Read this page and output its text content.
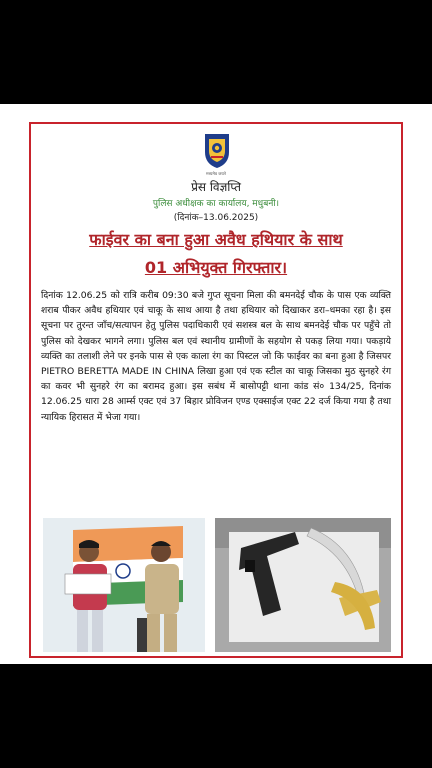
मध्यमेव जयते
प्रेस विज्ञप्ति
पुलिस अधीक्षक का कार्यालय, मधुबनी।
(दिनांक–13.06.2025)
फाईवर का बना हुआ अवैध हथियार के साथ
01 अभियुक्त गिरफ्तार।
दिनांक 12.06.25 को रात्रि करीब 09:30 बजे गुप्त सूचना मिला की बमनदेई चौक के पास एक व्यक्ति शराब पीकर अवैध हथियार एवं चाकू के साथ आया है तथा हथियार को दिखाकर डरा–धमका रहा है। इस सूचना पर तुरन्त जाँच/सत्यापन हेतु पुलिस पदाधिकारी एवं सशस्त्र बल के साथ बमनदेई चौक पर पहुँचे तो पुलिस को देखकर भागने लगा। पुलिस बल एवं स्थानीय ग्रामीणों के सहयोग से पकड़ लिया गया। पकड़ाये व्यक्ति का तलाशी लेने पर इनके पास से एक काला रंग का पिस्टल जो कि फाईवर का बना हुआ है जिसपर PIETRO BERETTA MADE IN CHINA लिखा हुआ एवं एक स्टील का चाकू जिसका मुठ सुनहरे रंग का कवर भी सुनहरे रंग का बरामद हुआ। इस सबंध में बासोपट्टी थाना कांड सं० 134/25, दिनांक 12.06.25 धारा 28 आर्म्स एक्ट एवं 37 बिहार प्रोविजन एण्ड एक्साईज एक्ट 22 दर्ज किया गया है तथा न्यायिक हिरासत में भेजा गया।
